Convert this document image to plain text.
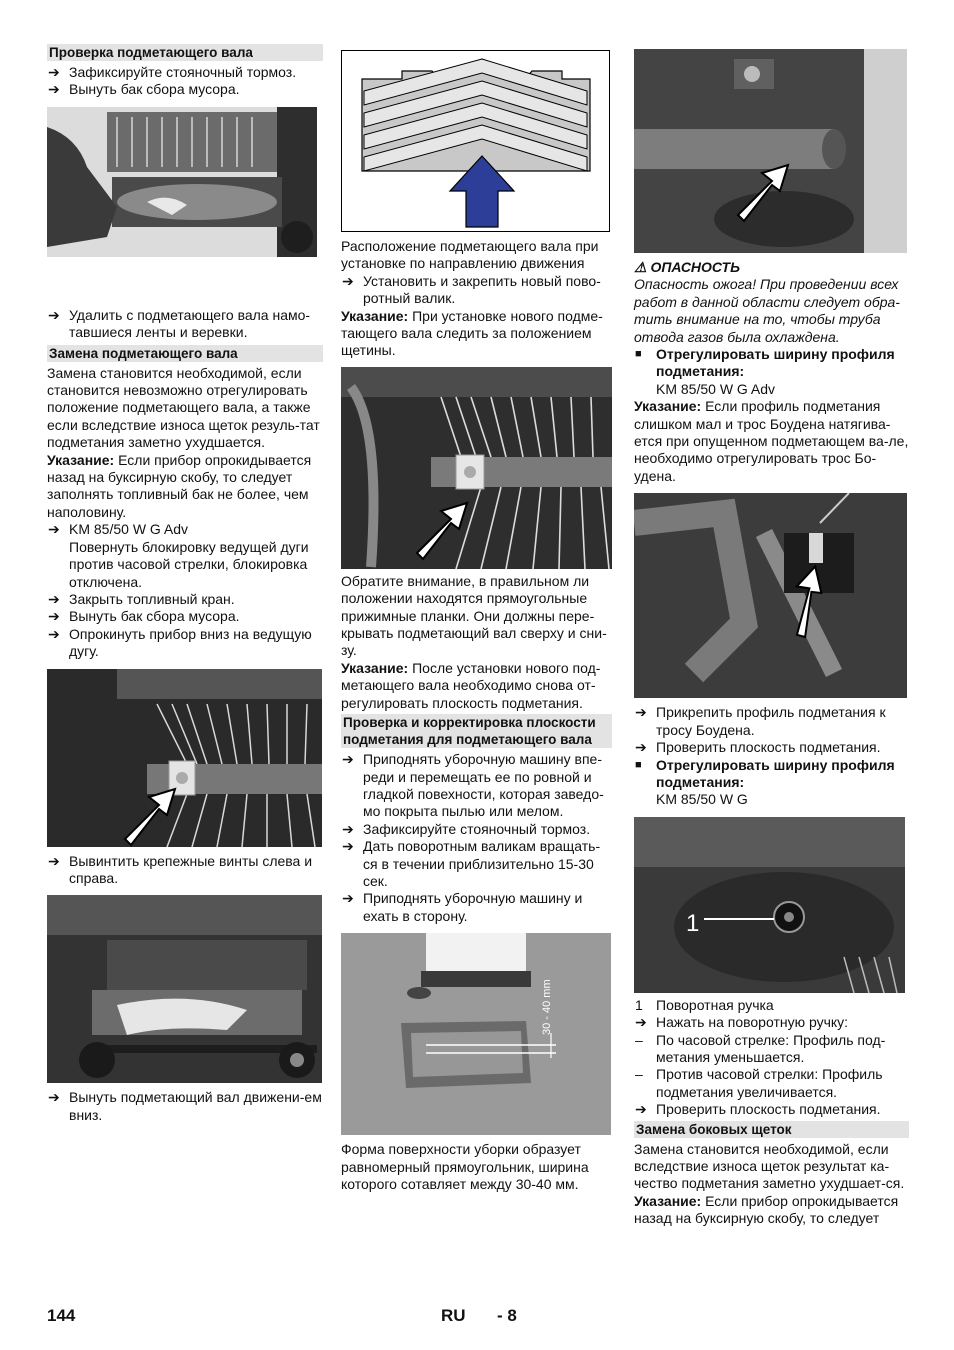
Проверка подметающего вала
➔ Зафиксируйте стояночный тормоз.
➔ Вынуть бак сбора мусора.
➔ Удалить с подметающего вала намо-тавшиеся ленты и веревки.
Замена подметающего вала

Замена становится необходимой, если становится невозможно отрегулировать положение подметающего вала, а также если вследствие износа щеток резуль-тат подметания заметно ухудшается.

Указание: Если прибор опрокидывается назад на буксирную скобу, то следует заполнять топливный бак не более, чем наполовину.

➔ KM 85/50 W G Adv
Повернуть блокировку ведущей дуги против часовой стрелки, блокировка отключена.
➔ Закрыть топливный кран.
➔ Вынуть бак сбора мусора.
➔ Опрокинуть прибор вниз на ведущую дугу.
➔ Вывинтить крепежные винты слева и справа.
➔ Вынуть подметающий вал движени-ем вниз.

Расположение подметающего вала при установке по направлению движения

➔ Установить и закрепить новый пово-ротный валик.

Указание: При установке нового подме-тающего вала следить за положением щетины.

Обратите внимание, в правильном ли положении находятся прямоугольные прижимные планки. Они должны пере-крывать подметающий вал сверху и сни-зу.

Указание: После установки нового под-метающего вала необходимо снова от-регулировать плоскость подметания.

Проверка и корректировка плоскости подметания для подметающего вала
➔ Приподнять уборочную машину впе-реди и перемещать ее по ровной и гладкой повехности, которая заведо-мо покрыта пылью или мелом.
➔ Зафиксируйте стояночный тормоз.
➔ Дать поворотным валикам вращать-ся в течении приблизительно 15-30 сек.
➔ Приподнять уборочную машину и ехать в сторону.
30 - 40 mm

Форма поверхности уборки образует равномерный прямоугольник, ширина которого сотавляет между 30-40 мм.

⚠ ОПАСНОСТЬ

Опасность ожога! При проведении всех работ в данной области следует обра-тить внимание на то, чтобы труба отвода газов была охлаждена.

■	Отрегулировать ширину профиля подметания:
KM 85/50 W G Adv

Указание: Если профиль подметания слишком мал и трос Боудена натягива-ется при опущенном подметающем ва-ле, необходимо отрегулировать трос Бо-удена.

➔ Прикрепить профиль подметания к тросу Боудена.
➔ Проверить плоскость подметания.
■	Отрегулировать ширину профиля подметания:
KM 85/50 W G
1
1 Поворотная ручка
➔ Нажать на поворотную ручку:
– По часовой стрелке: Профиль под-метания уменьшается.
– Против часовой стрелки: Профиль подметания увеличивается.
➔ Проверить плоскость подметания.
Замена боковых щеток

Замена становится необходимой, если вследствие износа щеток результат ка-чество подметания заметно ухудшает-ся.

Указание: Если прибор опрокидывается назад на буксирную скобу, то следует

144	RU - 8
